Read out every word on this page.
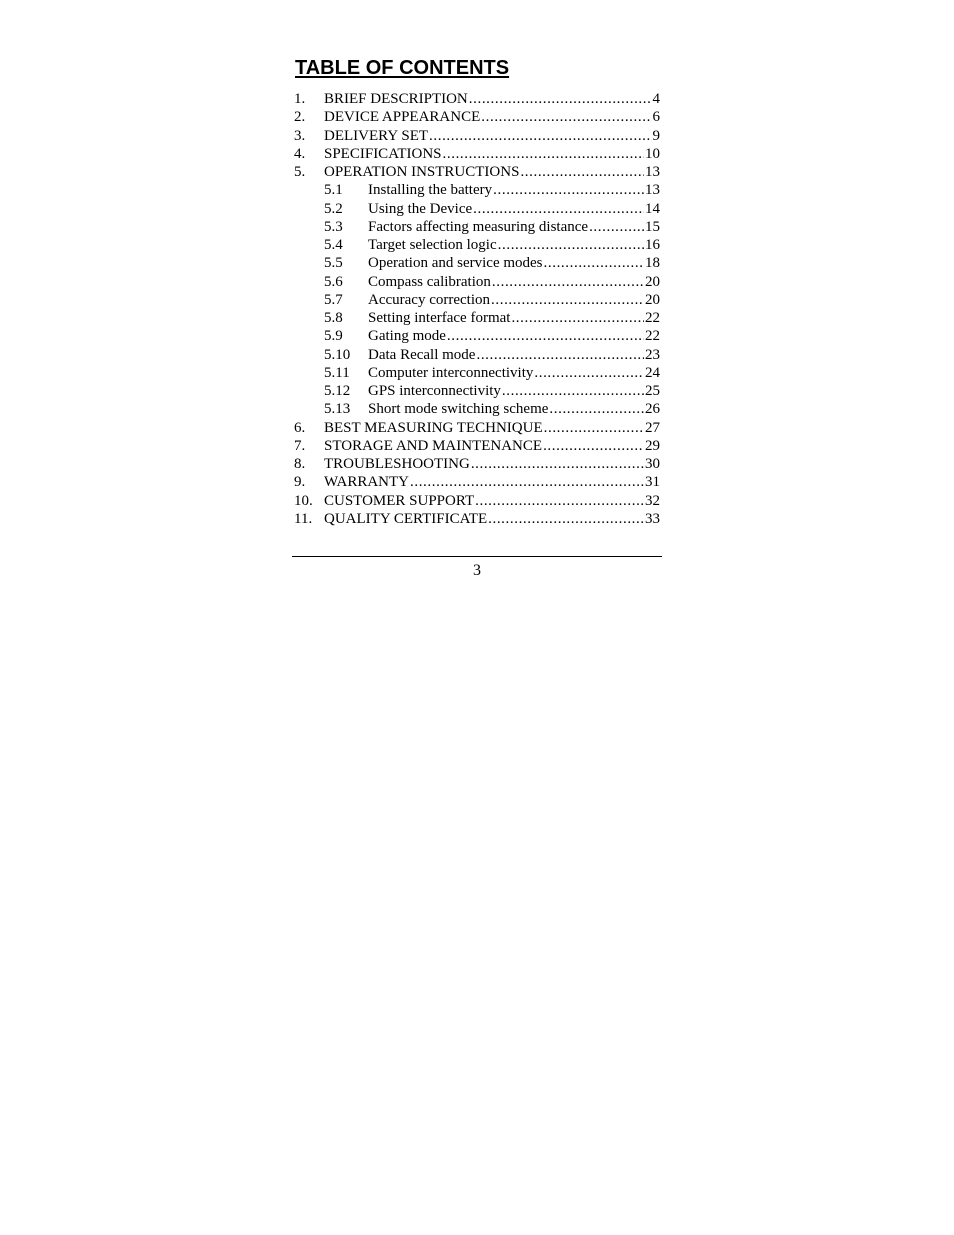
TABLE OF CONTENTS
1.	BRIEF DESCRIPTION .....	4
2.	DEVICE APPEARANCE .....	6
3.	DELIVERY SET .....	9
4.	SPECIFICATIONS .....	10
5.	OPERATION INSTRUCTIONS .....	13
5.1	Installing the battery .....	13
5.2	Using the Device .....	14
5.3	Factors affecting measuring distance .....	15
5.4	Target selection logic .....	16
5.5	Operation and service modes .....	18
5.6	Compass calibration .....	20
5.7	Accuracy correction .....	20
5.8	Setting interface format .....	22
5.9	Gating mode .....	22
5.10	Data Recall mode .....	23
5.11	Computer interconnectivity .....	24
5.12	GPS interconnectivity .....	25
5.13	Short mode switching scheme .....	26
6.	BEST MEASURING TECHNIQUE .....	27
7.	STORAGE AND MAINTENANCE .....	29
8.	TROUBLESHOOTING .....	30
9.	WARRANTY .....	31
10. CUSTOMER SUPPORT .....	32
11. QUALITY CERTIFICATE .....	33
3
